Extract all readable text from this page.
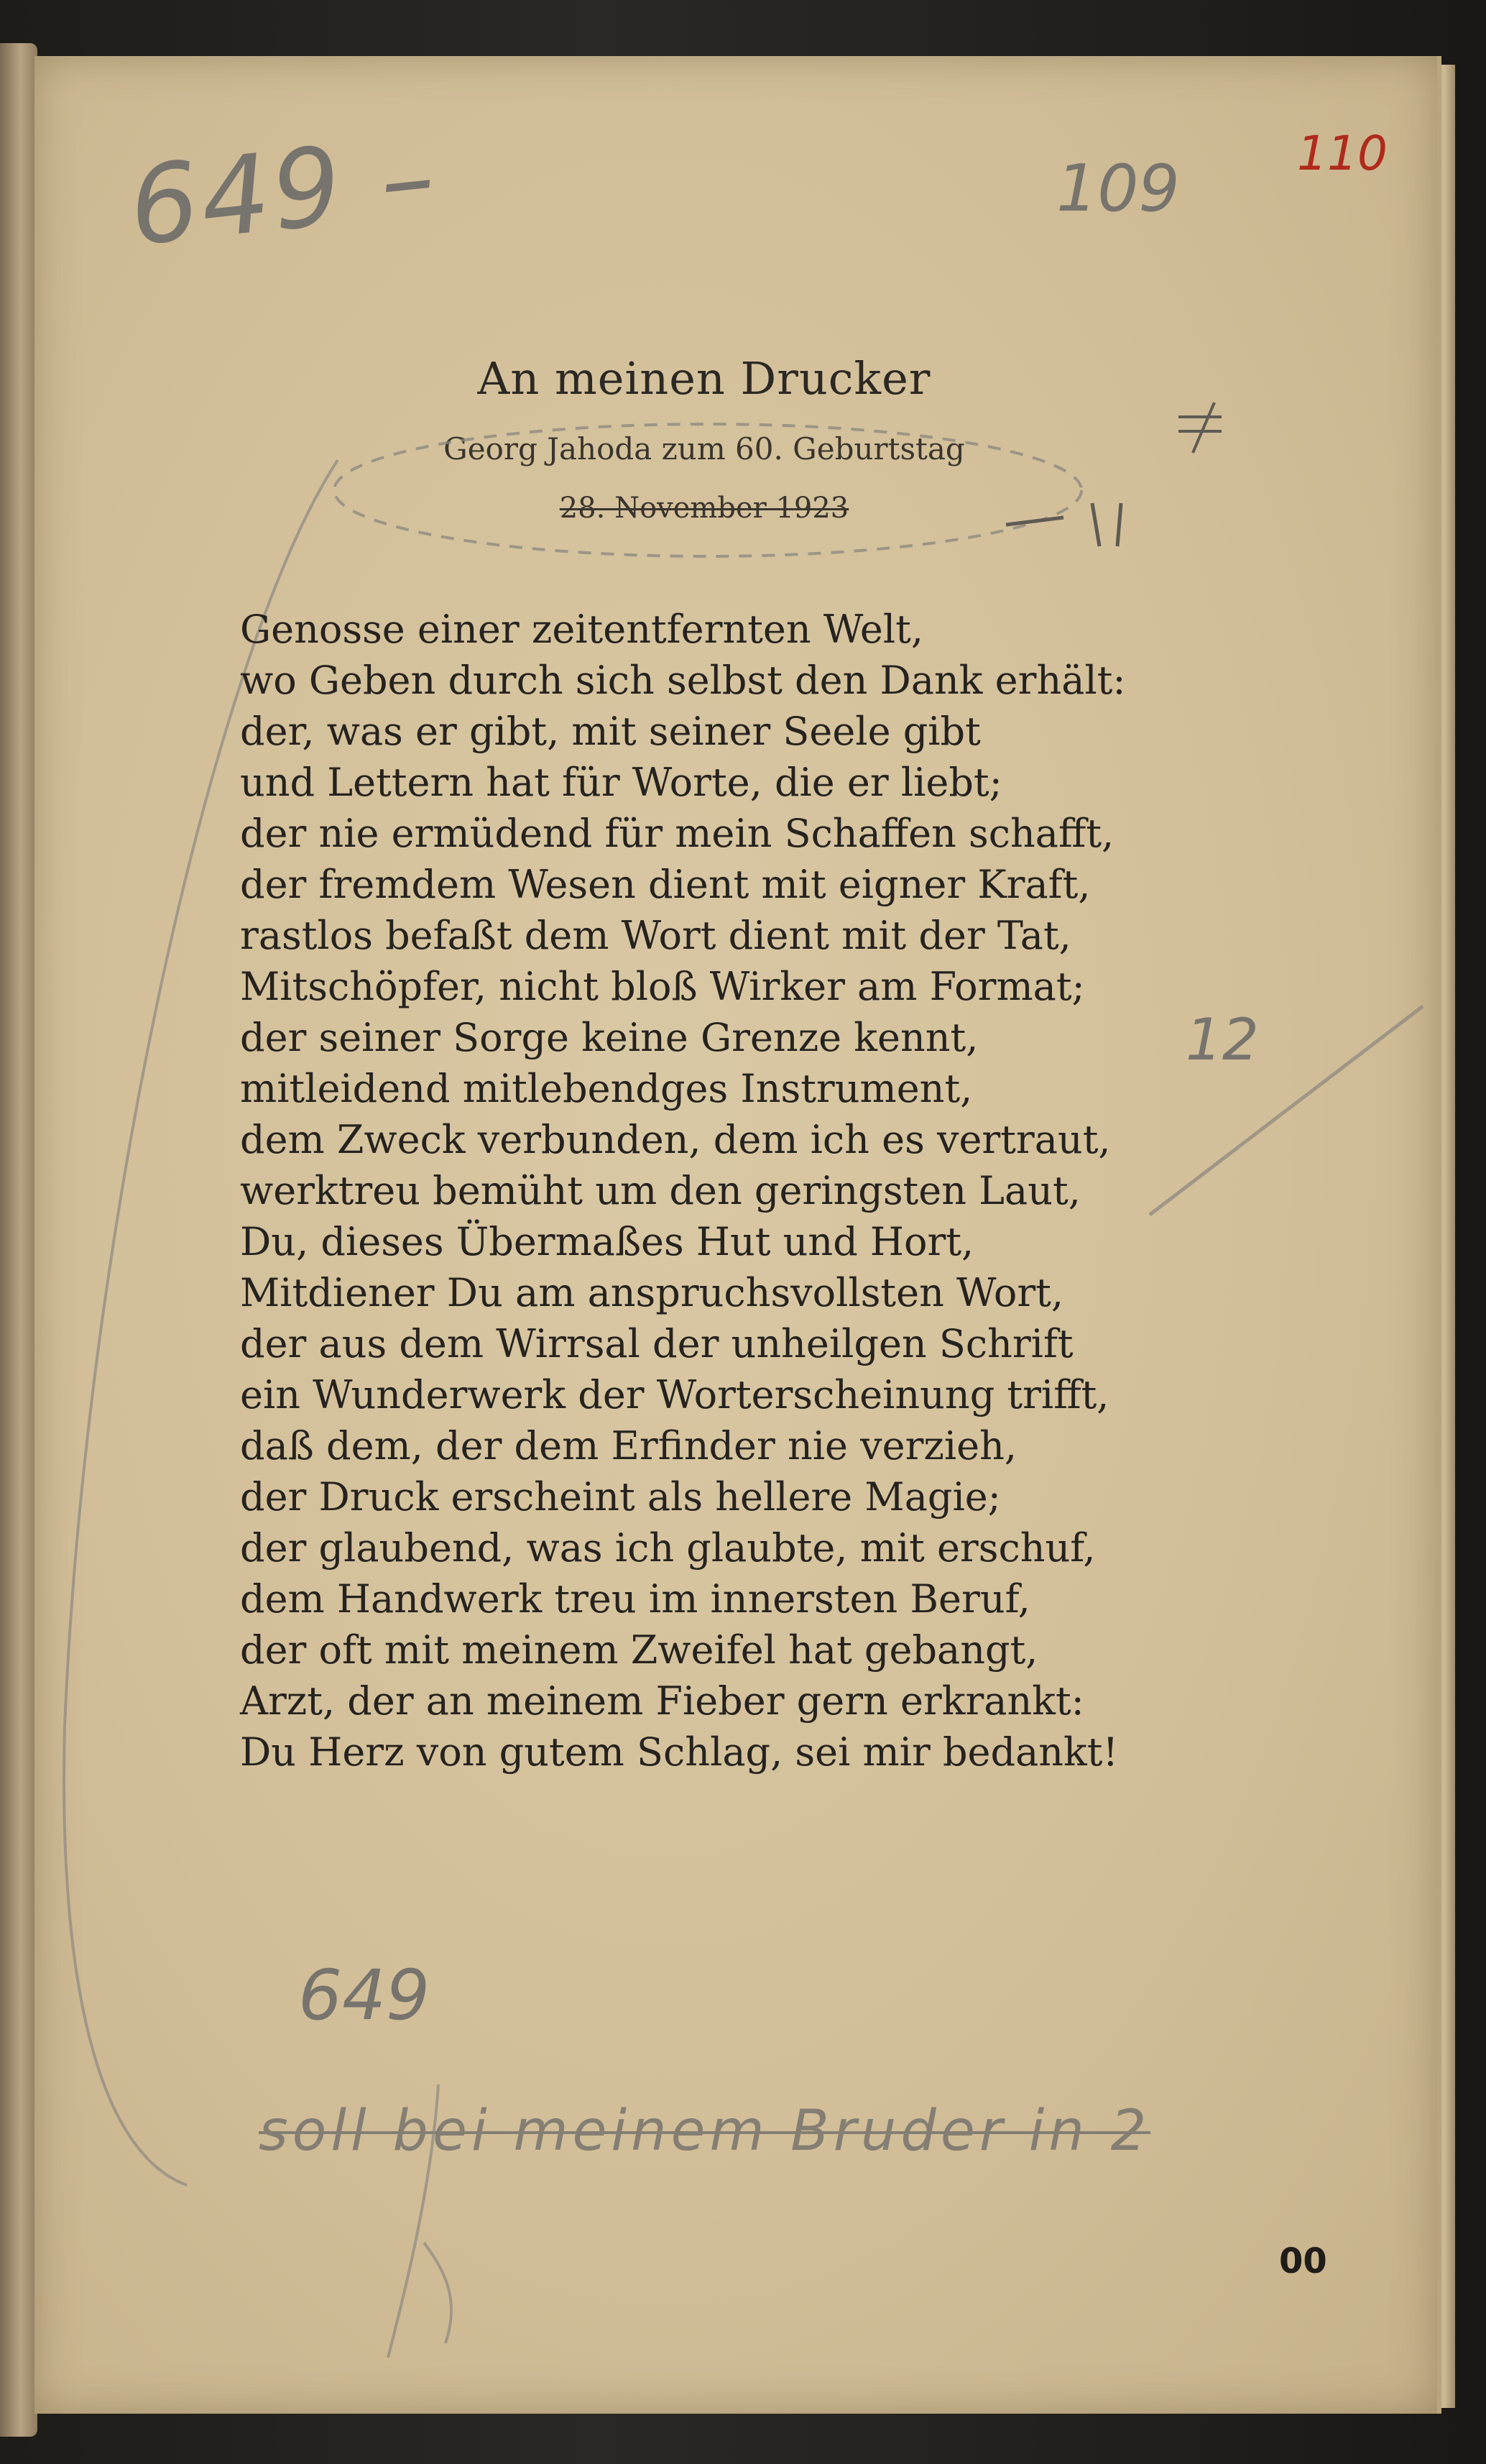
649 –	109 110
12
649
soll bei meinem Bruder in 2
An meinen Drucker
Georg Jahoda zum 60. Geburtstag
28. November 1923
Genosse einer zeitentfernten Welt,
wo Geben durch sich selbst den Dank erhält:
der, was er gibt, mit seiner Seele gibt
und Lettern hat für Worte, die er liebt;
der nie ermüdend für mein Schaffen schafft,
der fremdem Wesen dient mit eigner Kraft,
rastlos befaßt dem Wort dient mit der Tat,
Mitschöpfer, nicht bloß Wirker am Format;
der seiner Sorge keine Grenze kennt,
mitleidend mitlebendges Instrument,
dem Zweck verbunden, dem ich es vertraut,
werktreu bemüht um den geringsten Laut,
Du, dieses Übermaßes Hut und Hort,
Mitdiener Du am anspruchsvollsten Wort,
der aus dem Wirrsal der unheilgen Schrift
ein Wunderwerk der Worterscheinung trifft,
daß dem, der dem Erfinder nie verzieh,
der Druck erscheint als hellere Magie;
der glaubend, was ich glaubte, mit erschuf,
dem Handwerk treu im innersten Beruf,
der oft mit meinem Zweifel hat gebangt,
Arzt, der an meinem Fieber gern erkrankt:
Du Herz von gutem Schlag, sei mir bedankt!
00
